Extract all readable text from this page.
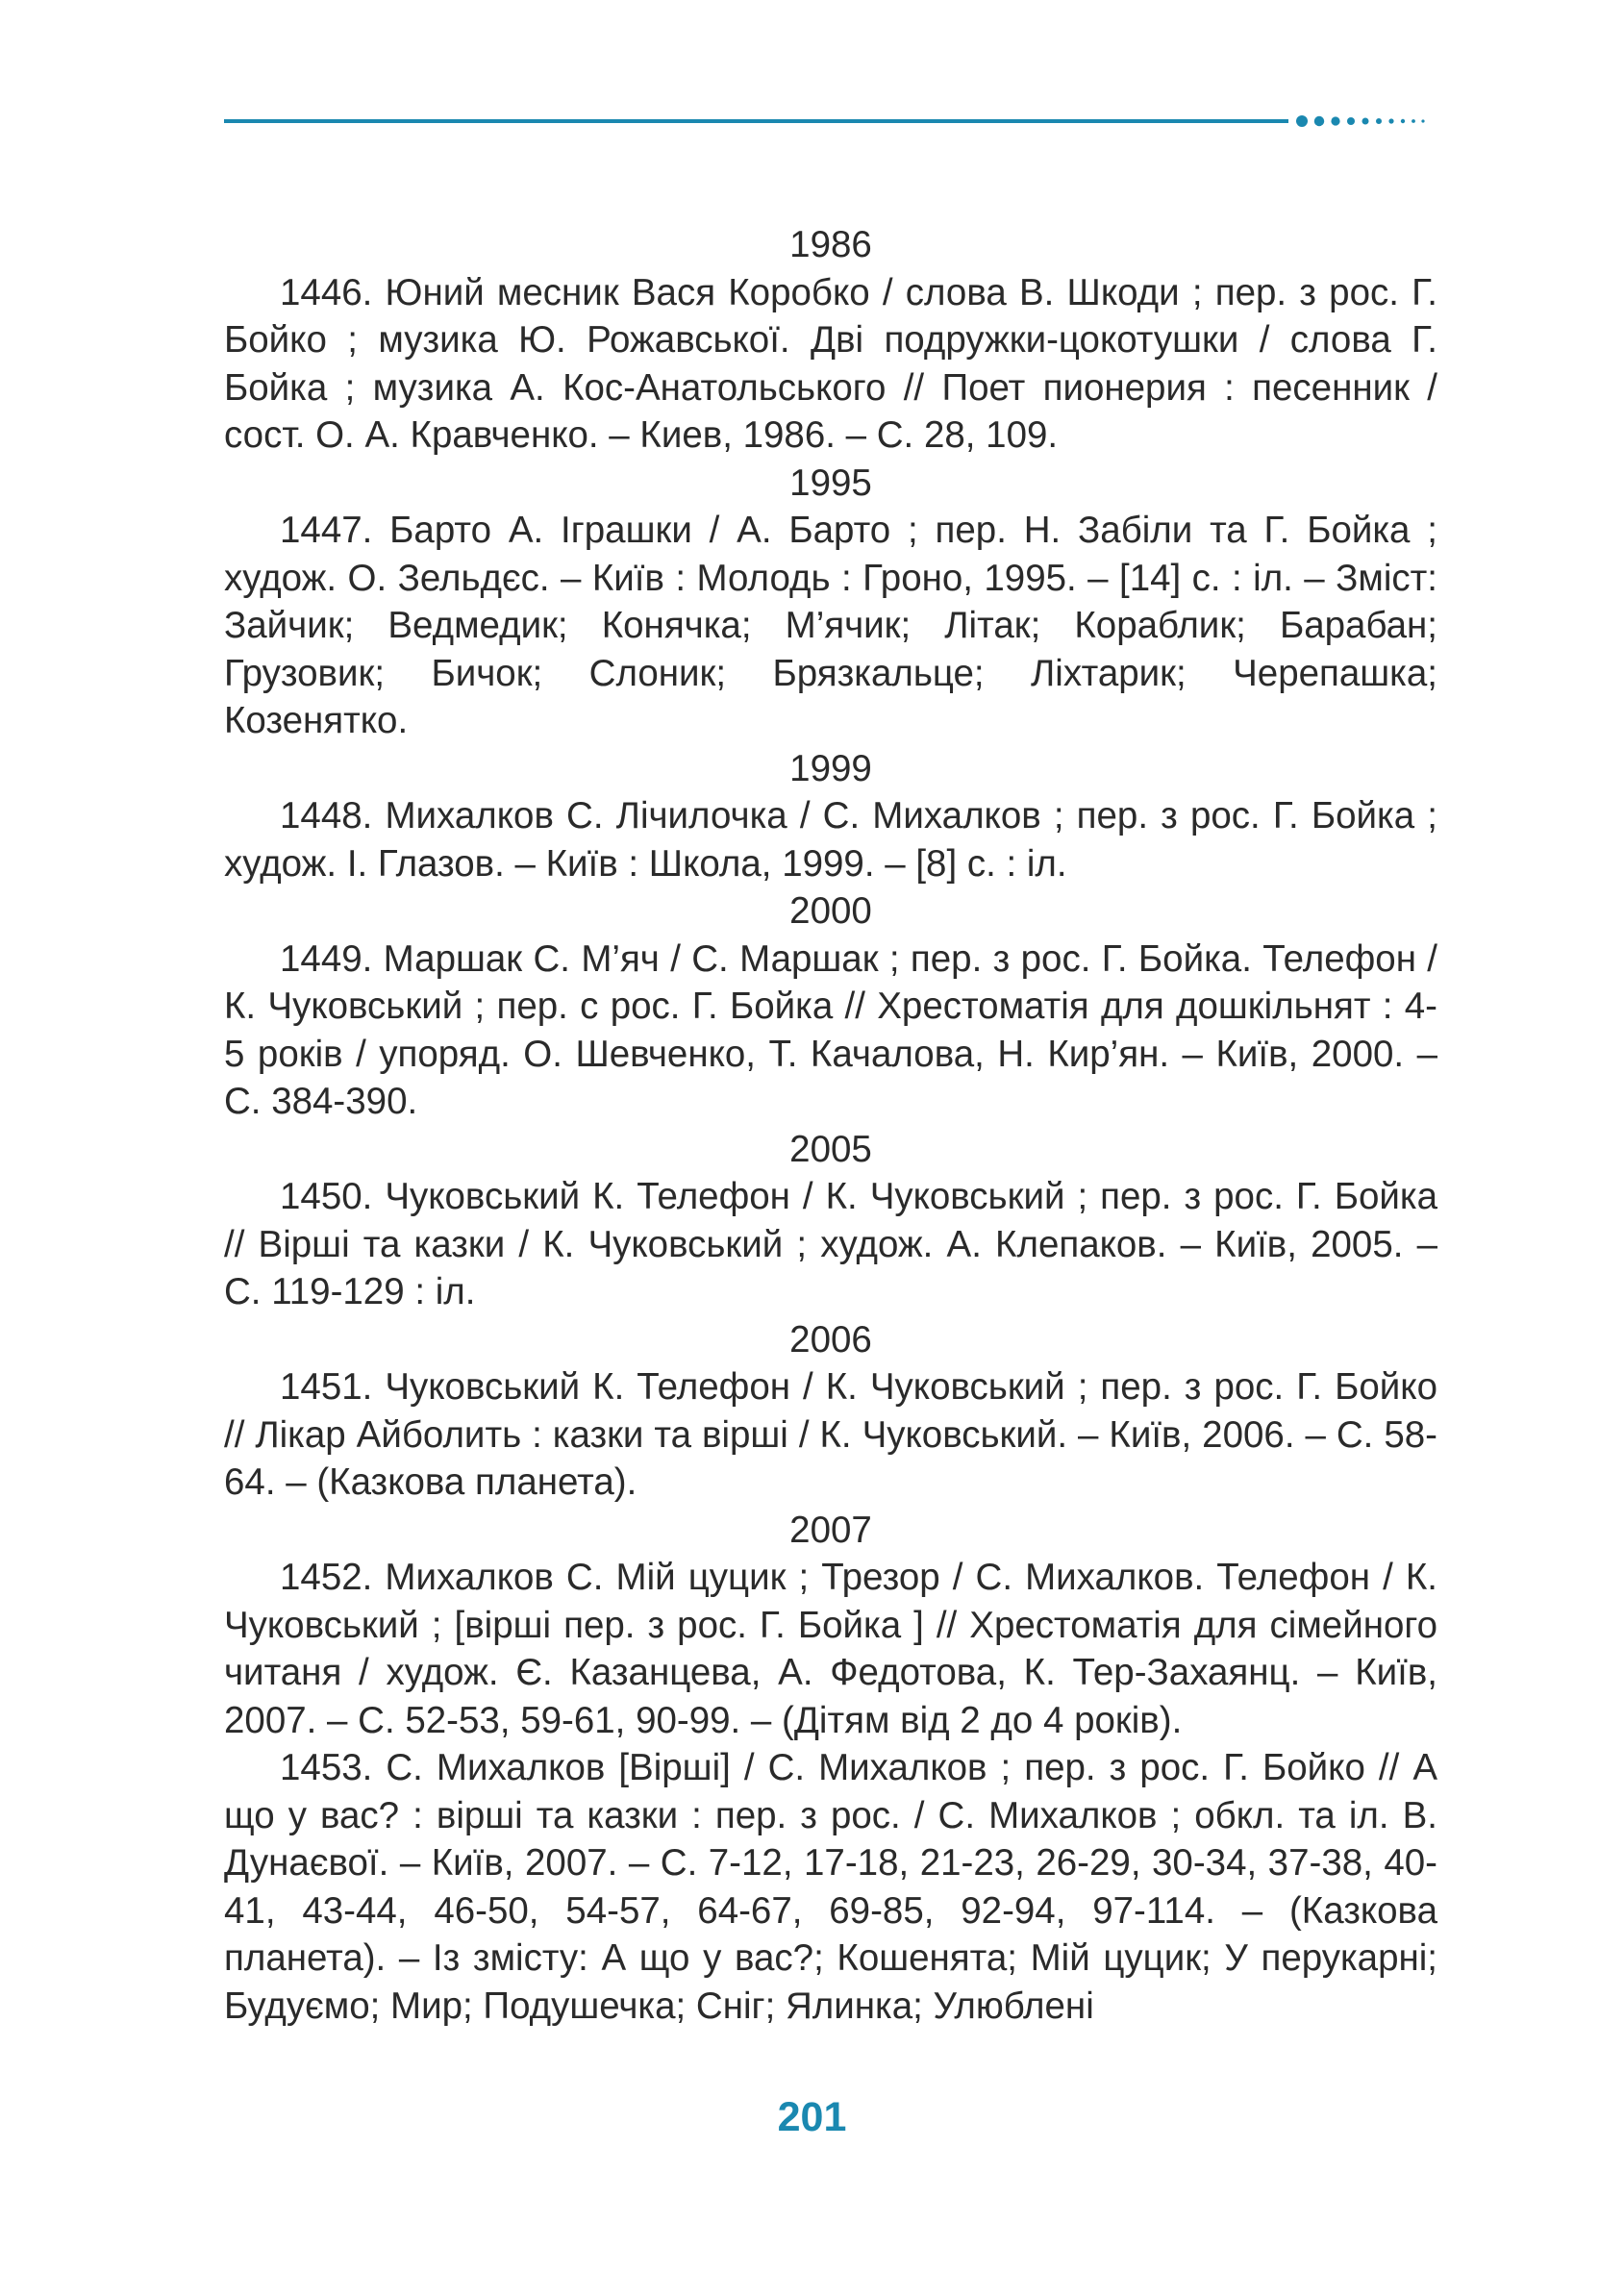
1986

1446. Юний месник Вася Коробко / слова В. Шкоди ; пер. з рос. Г. Бойко ; музика Ю. Рожавської. Дві подружки-цокотушки / слова Г. Бойка ; музика А. Кос-Анатольського // Поет пионерия : песенник / сост. О. А. Кравченко. – Киев, 1986. – С. 28, 109.

1995

1447. Барто А. Іграшки / А. Барто ; пер. Н. Забіли та Г. Бойка ; худож. О. Зельдєс. – Київ : Молодь : Гроно, 1995. – [14] с. : іл. – Зміст: Зайчик; Ведмедик; Конячка; М’ячик; Літак; Кораблик; Барабан; Грузовик; Бичок; Слоник; Брязкальце; Ліхтарик; Черепашка; Козенятко.

1999

1448. Михалков С. Лічилочка / С. Михалков ; пер. з рос. Г. Бойка ; худож. І. Глазов. – Київ : Школа, 1999. – [8] с. : іл.

2000

1449. Маршак С. М’яч / С. Маршак ; пер. з рос. Г. Бойка. Телефон / К. Чуковський ; пер. с рос. Г. Бойка // Хрестоматія для дошкільнят : 4-5 років / упоряд. О. Шевченко, Т. Качалова, Н. Кир’ян. – Київ, 2000. – С. 384-390.

2005

1450. Чуковський К. Телефон / К. Чуковський ; пер. з рос. Г. Бойка // Вірші та казки / К. Чуковський ; худож. А. Клепаков. – Київ, 2005. – С. 119-129 : іл.

2006

1451. Чуковський К. Телефон / К. Чуковський ; пер. з рос. Г. Бойко // Лікар Айболить : казки та вірші / К. Чуковський. – Київ, 2006. – С. 58-64. – (Казкова планета).

2007

1452. Михалков С. Мій цуцик ; Трезор / С. Михалков. Телефон / К. Чуковський ; [вірші пер. з рос. Г. Бойка ] // Хрестоматія для сімейного читаня / худож. Є. Казанцева, А. Федотова, К. Тер-Захаянц. – Київ, 2007. – С. 52-53, 59-61, 90-99. – (Дітям від 2 до 4 років).

1453. С. Михалков [Вірші] / С. Михалков ; пер. з рос. Г. Бойко // А що у вас? : вірші та казки : пер. з рос. / С. Михалков ; обкл. та іл. В. Дунаєвої. – Київ, 2007. – С. 7-12, 17-18, 21-23, 26-29, 30-34, 37-38, 40-41, 43-44, 46-50, 54-57, 64-67, 69-85, 92-94, 97-114. – (Казкова планета). – Із змісту: А що у вас?; Кошенята; Мій цуцик; У перукарні; Будуємо; Мир; Подушечка; Сніг; Ялинка; Улюблені

201
